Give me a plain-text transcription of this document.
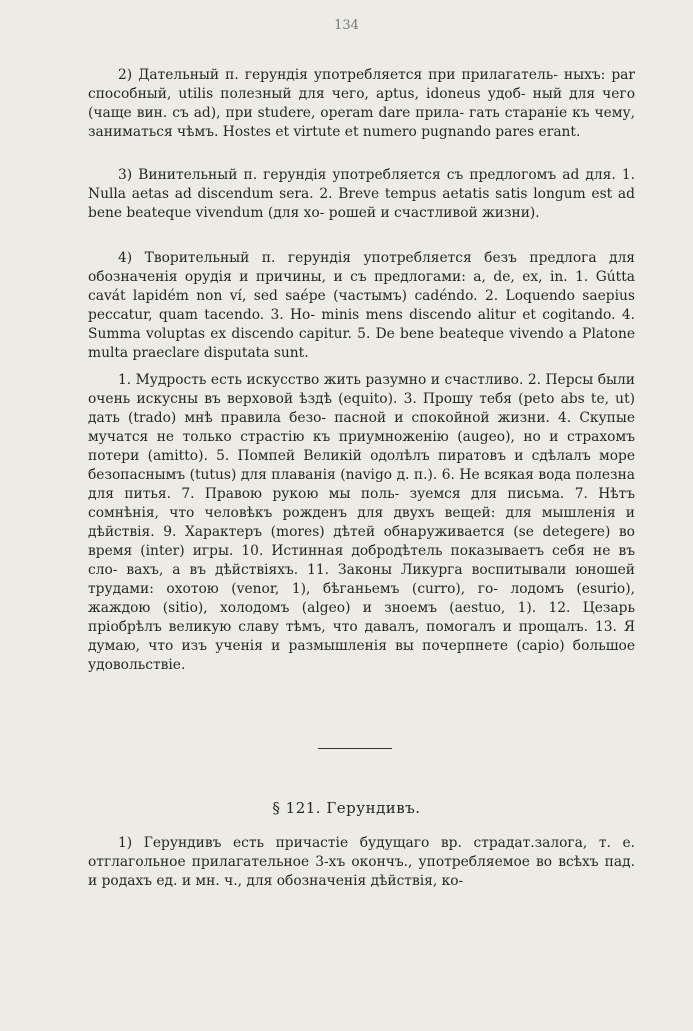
134

2) Дательный п. герундія употребляется при прилагатель- ныхъ: par способный, utilis полезный для чего, aptus, idoneus удоб- ный для чего (чаще вин. съ ad), при studere, operam dare прила- гать стараніе къ чему, заниматься чѣмъ. Hostes et virtute et numero pugnando pares erant.

3) Винительный п. герундія употребляется съ предлогомъ ad для. 1. Nulla aetas ad discendum sera. 2. Breve tempus aetatis satis longum est ad bene beateque vivendum (для хо- рошей и счастливой жизни).

4) Творительный п. герундія употребляется безъ предлога для обозначенія орудія и причины, и съ предлогами: a, de, ex, in. 1. Gútta cavát lapidém non ví, sed saépe (частымъ) cadéndo. 2. Loquendo saepius peccatur, quam tacendo. 3. Ho- minis mens discendo alitur et cogitando. 4. Summa voluptas ex discendo capitur. 5. De bene beateque vivendo a Platone multa praeclare disputata sunt.

1. Мудрость есть искусство жить разумно и счастливо. 2. Персы были очень искусны въ верховой ѣздѣ (equito). 3. Прошу тебя (peto abs te, ut) дать (trado) мнѣ правила безо- пасной и спокойной жизни. 4. Скупые мучатся не только страстію къ приумноженію (augeo), но и страхомъ потери (amitto). 5. Помпей Великій одолѣлъ пиратовъ и сдѣлалъ море безопаснымъ (tutus) для плаванія (navigo д. п.). 6. Не всякая вода полезна для питья. 7. Правою рукою мы поль- зуемся для письма. 7. Нѣтъ сомнѣнія, что человѣкъ рожденъ для двухъ вещей: для мышленія и дѣйствія. 9. Характеръ (mores) дѣтей обнаруживается (se detegere) во время (inter) игры. 10. Истинная добродѣтель показываетъ себя не въ сло- вахъ, а въ дѣйствіяхъ. 11. Законы Ликурга воспитывали юношей трудами: охотою (venor, 1), бѣганьемъ (curro), го- лодомъ (esurio), жаждою (sitio), холодомъ (algeo) и зноемъ (aestuo, 1). 12. Цезарь пріобрѣлъ великую славу тѣмъ, что давалъ, помогалъ и прощалъ. 13. Я думаю, что изъ ученія и размышленія вы почерпнете (capio) большое удовольствіе.

§ 121. Герундивъ.

1) Герундивъ есть причастіе будущаго вр. страдат.залога, т. е. отглагольное прилагательное 3-хъ окончъ., употребляемое во всѣхъ пад. и родахъ ед. и мн. ч., для обозначенія дѣйствія, ко-
